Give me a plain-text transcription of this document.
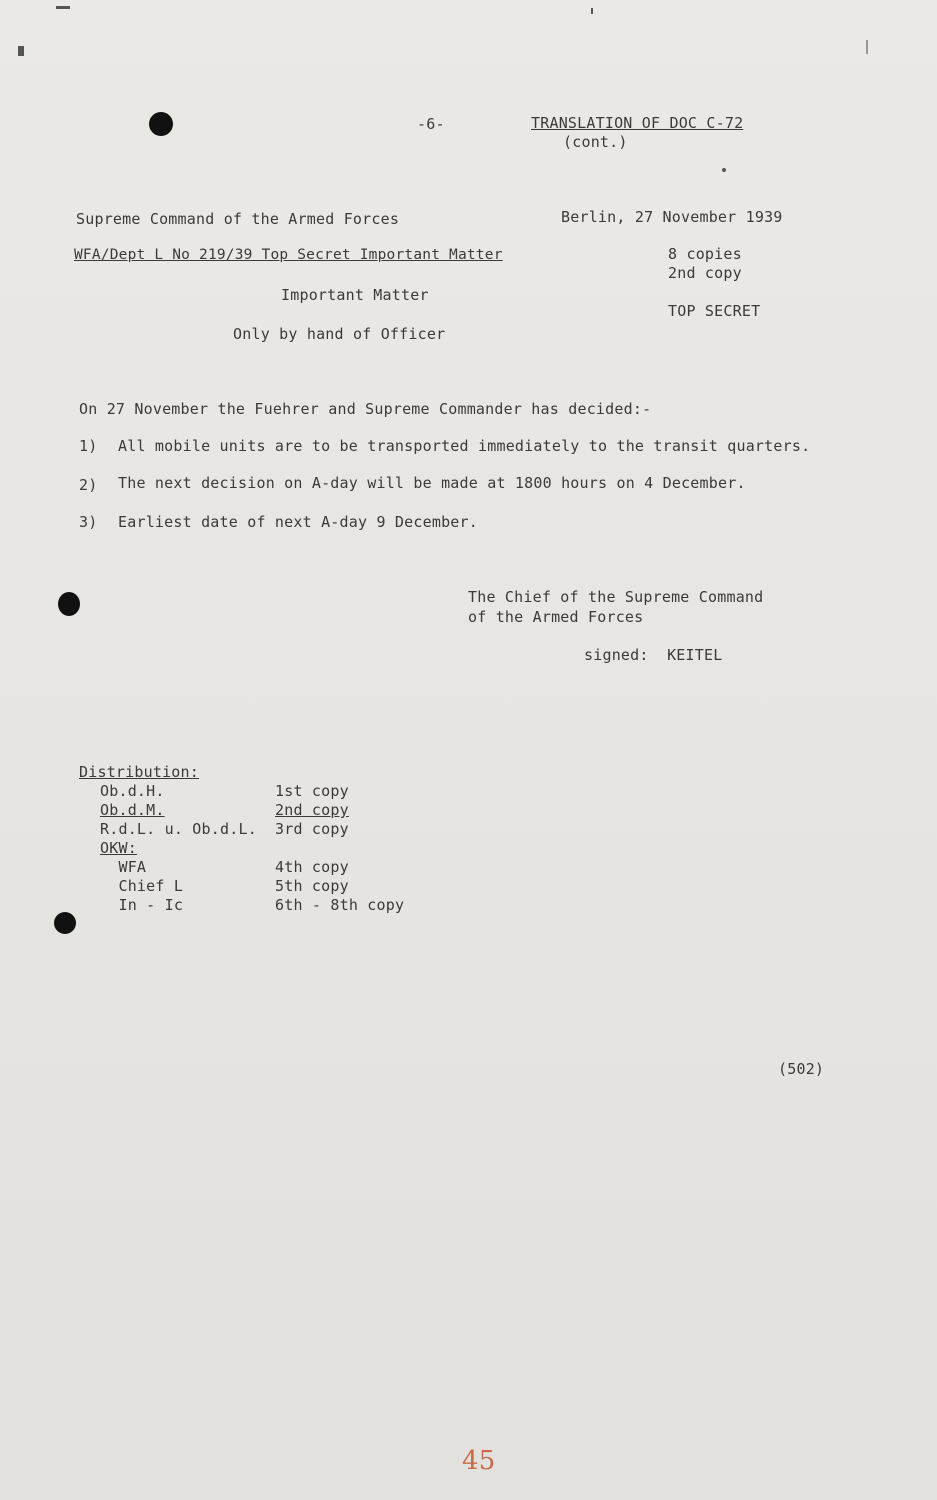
-6-	TRANSLATION OF DOC C-72
(cont.)
Supreme Command of the Armed Forces
WFA/Dept L No 219/39 Top Secret Important Matter
Important Matter
Only by hand of Officer
Berlin, 27 November 1939
8 copies
2nd copy
TOP SECRET
On 27 November the Fuehrer and Supreme Commander has decided:-
1) All mobile units are to be transported immediately to the transit quarters.
2) The next decision on A-day will be made at 1800 hours on 4 December.
3) Earliest date of next A-day 9 December.
The Chief of the Supreme Command
of the Armed Forces
signed:  KEITEL
Distribution:
Ob.d.H.	1st copy
Ob.d.M.	2nd copy
R.d.L. u. Ob.d.L. 3rd copy
OKW:
WFA	4th copy
Chief L	5th copy
In - Ic	6th - 8th copy
(502)
45
